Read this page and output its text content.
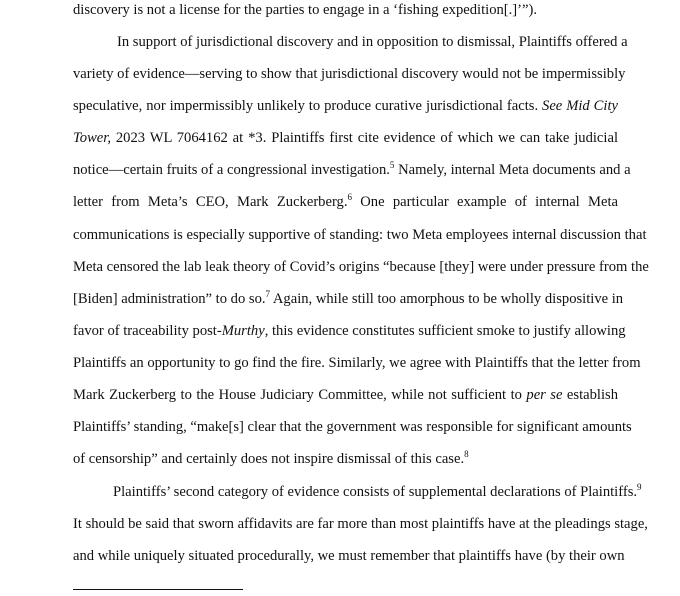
discovery is not a license for the parties to engage in a ‘fishing expedition[.]’”).
In support of jurisdictional discovery and in opposition to dismissal, Plaintiffs offered a
variety of evidence—serving to show that jurisdictional discovery would not be impermissibly
speculative, nor impermissibly unlikely to produce curative jurisdictional facts. See Mid City
Tower, 2023 WL 7064162 at *3. Plaintiffs first cite evidence of which we can take judicial
notice—certain fruits of a congressional investigation.$^5$ Namely, internal Meta documents and a
letter from Meta’s CEO, Mark Zuckerberg.$^6$ One particular example of internal Meta
communications is especially supportive of standing: two Meta employees internal discussion that
Meta censored the lab leak theory of Covid’s origins “because [they] were under pressure from the
[Biden] administration” to do so.$^7$ Again, while still too amorphous to be wholly dispositive in
favor of traceability post-Murthy, this evidence constitutes sufficient smoke to justify allowing
Plaintiffs an opportunity to go find the fire. Similarly, we agree with Plaintiffs that the letter from
Mark Zuckerberg to the House Judiciary Committee, while not sufficient to per se establish
Plaintiffs’ standing, “make[s] clear that the government was responsible for significant amounts
of censorship” and certainly does not inspire dismissal of this case.$^8$
Plaintiffs’ second category of evidence consists of supplemental declarations of Plaintiffs.$^9$
It should be said that sworn affidavits are far more than most plaintiffs have at the pleadings stage,
and while uniquely situated procedurally, we must remember that plaintiffs have (by their own
